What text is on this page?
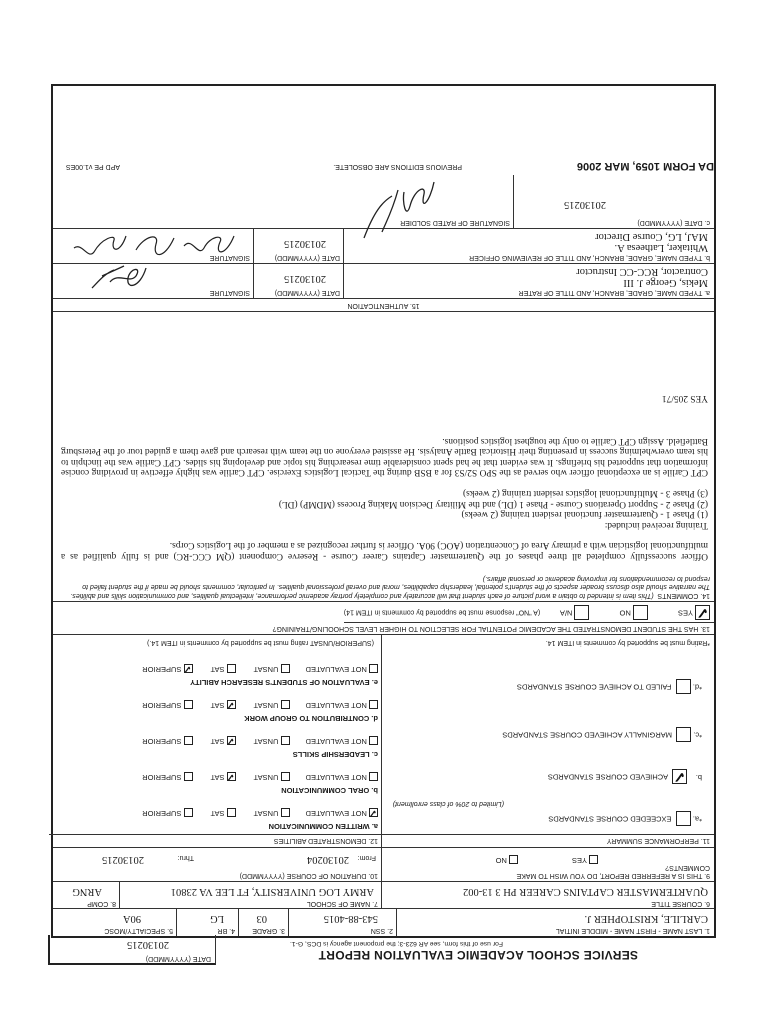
SERVICE SCHOOL ACADEMIC EVALUATION REPORT
For use of this form, see AR 623-3; the proponent agency is DCS, G-1.
DATE (YYYYMMDD)
20130215
1. LAST NAME - FIRST NAME - MIDDLE INITIAL
CARLILE, KRISTOPHER J.
2. SSN
543-88-4015
3. GRADE
03
4. BR
LG
5. SPECIALTY/MOSC
90A
6. COURSE TITLE
QUARTERMASTER CAPTAINS CAREER PH 3 13-002
7. NAME OF SCHOOL
ARMY LOG UNIVERSITY, FT LEE VA 23801
8. COMP
ARNG
9. THIS IS A REFERRED REPORT, DO YOU WISH TO MAKE
COMMENTS?
YES
NO
10. DURATION OF COURSE (YYYYMMDD)
From:
20130204
Thru:
20130215
11. PERFORMANCE SUMMARY
12. DEMONSTRATED ABILITIES
*a.   EXCEEDED COURSE STANDARDS
(Limited to 20% of class enrollment)
b. ✓  ACHIEVED COURSE STANDARDS
*c.   MARGINALLY ACHIEVED COURSE STANDARDS
*d.   FAILED TO ACHIEVE COURSE STANDARDS
*Rating must be supported by comments in ITEM 14.
(SUPERIOR/UNSAT rating must be supported by comments in ITEM 14.)
a. WRITTEN COMMUNICATION
✓ NOT EVALUATED  UNSAT  SAT  SUPERIOR
b. ORAL COMMUNICATION
NOT EVALUATED  UNSAT ✓ SAT  SUPERIOR
c. LEADERSHIP SKILLS
NOT EVALUATED  UNSAT ✓ SAT  SUPERIOR
d. CONTRIBUTION TO GROUP WORK
NOT EVALUATED  UNSAT ✓ SAT  SUPERIOR
e. EVALUATION OF STUDENT'S RESEARCH ABILITY
NOT EVALUATED  UNSAT  SAT ✓ SUPERIOR
13. HAS THE STUDENT DEMONSTRATED THE ACADEMIC POTENTIAL FOR SELECTION TO HIGHER LEVEL SCHOOLING/TRAINING?
✓ YES  NO  N/A (A "NO" response must be supported by comments in ITEM 14)
14. COMMENTS  (This item is intended to obtain a word picture of each student that will accurately and completely portray academic performance, intellectual qualities, and communication skills and abilities. The narrative should also discuss broader aspects of the student's potential, leadership capabilities, moral and overall professional qualities. In particular, comments should be made if the student failed to respond to recommendations for improving academic or personal affairs.)

Officer successfully completed all three phases of the Quartermaster Captains Career Course - Reserve Component (QM CCC-RC) and is fully qualified as a multifunctional logistician with a primary Area of Concentration (AOC) 90A. Officer is further recognized as a member of the Logistics Corps.

Training received included:

(1) Phase 1 - Quartermaster functional resident training (2 weeks)

(2) Phase 2 - Support Operations Course - Phase 1 (DL) and the Military Decision Making Process (MDMP) (DL)

(3) Phase 3 - Multifunctional logistics resident training (2 weeks)

CPT Carlile is an exceptional officer who served as the SPO S2/S3 for a BSB during the Tactical Logistics Exercise. CPT Carlile was highly effective in providing concise information that supported his briefings. It was evident that he had spent considerable time researching his topic and developing his slides. CPT Carlile was the linchpin to his team overwhelming success in presenting their Historical Battle Analysis. He assisted everyone on the team with research and gave them a guided tour of the Petersburg Battlefield. Assign CPT Carlile to only the toughest logistics positions.

YES 205/71

15. AUTHENTICATION
a. TYPED NAME, GRADE, BRANCH, AND TITLE OF RATER
DATE (YYYYMMDD)
SIGNATURE
Mekis, George J. III
Contractor, RCC-CC Instructor
20130215
b. TYPED NAME, GRADE, BRANCH, AND TITLE OF REVIEWING OFFICER
DATE (YYYYMMDD)
SIGNATURE
Whitaker, Latheesa A.
MAJ, LG, Course Director
20130215
c. DATE (YYYYMMDD)
SIGNATURE OF RATED SOLDIER
20130215
DA FORM 1059, MAR 2006
PREVIOUS EDITIONS ARE OBSOLETE.
APD PE v1.00ES
